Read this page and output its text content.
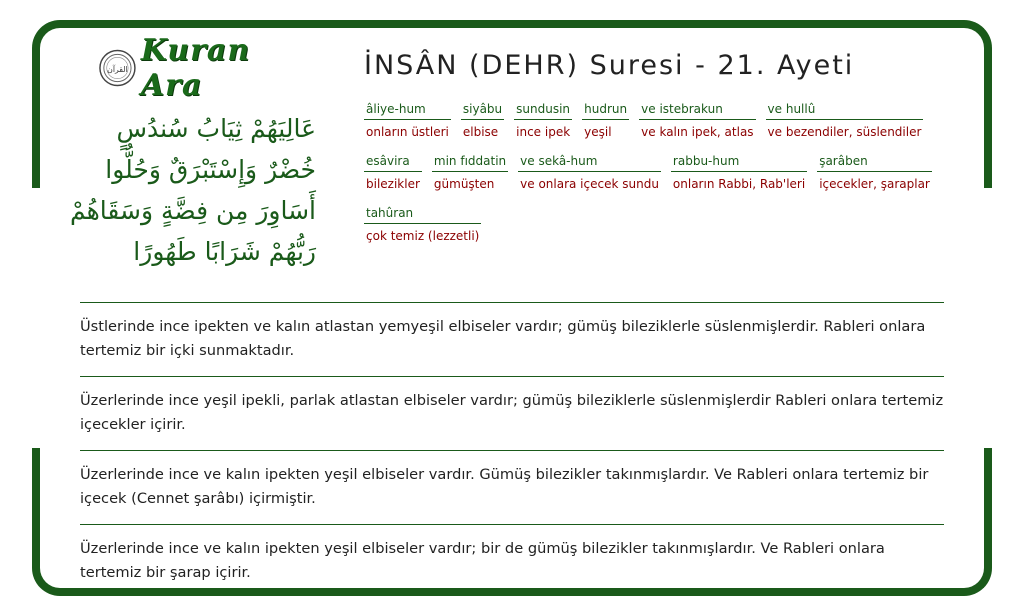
القرآن
Kuran Ara
عَالِيَهُمْ ثِيَابُ سُندُسٍ
خُضْرٌ وَإِسْتَبْرَقٌ وَحُلُّوا
أَسَاوِرَ مِن فِضَّةٍ وَسَقَاهُمْ
رَبُّهُمْ شَرَابًا طَهُورًا
İNSÂN (DEHR) Suresi - 21. Ayeti
âliye-hum
onların üstleri
siyâbu
elbise
sundusin
ince ipek
hudrun
yeşil
ve istebrakun
ve kalın ipek, atlas
ve hullû
ve bezendiler, süslendiler
esâvira
bilezikler
min fıddatin
gümüşten
ve sekâ-hum
ve onlara içecek sundu
rabbu-hum
onların Rabbi, Rab'leri
şarâben
içecekler, şaraplar
tahûran
çok temiz (lezzetli)
Üstlerinde ince ipekten ve kalın atlastan yemyeşil elbiseler vardır; gümüş bileziklerle süslenmişlerdir. Rableri onlara tertemiz bir içki sunmaktadır.
Üzerlerinde ince yeşil ipekli, parlak atlastan elbiseler vardır; gümüş bileziklerle süslenmişlerdir Rableri onlara tertemiz içecekler içirir.
Üzerlerinde ince ve kalın ipekten yeşil elbiseler vardır. Gümüş bilezikler takınmışlardır. Ve Rableri onlara tertemiz bir içecek (Cennet şarâbı) içirmiştir.
Üzerlerinde ince ve kalın ipekten yeşil elbiseler vardır; bir de gümüş bilezikler takınmışlardır. Ve Rableri onlara tertemiz bir şarap içirir.
